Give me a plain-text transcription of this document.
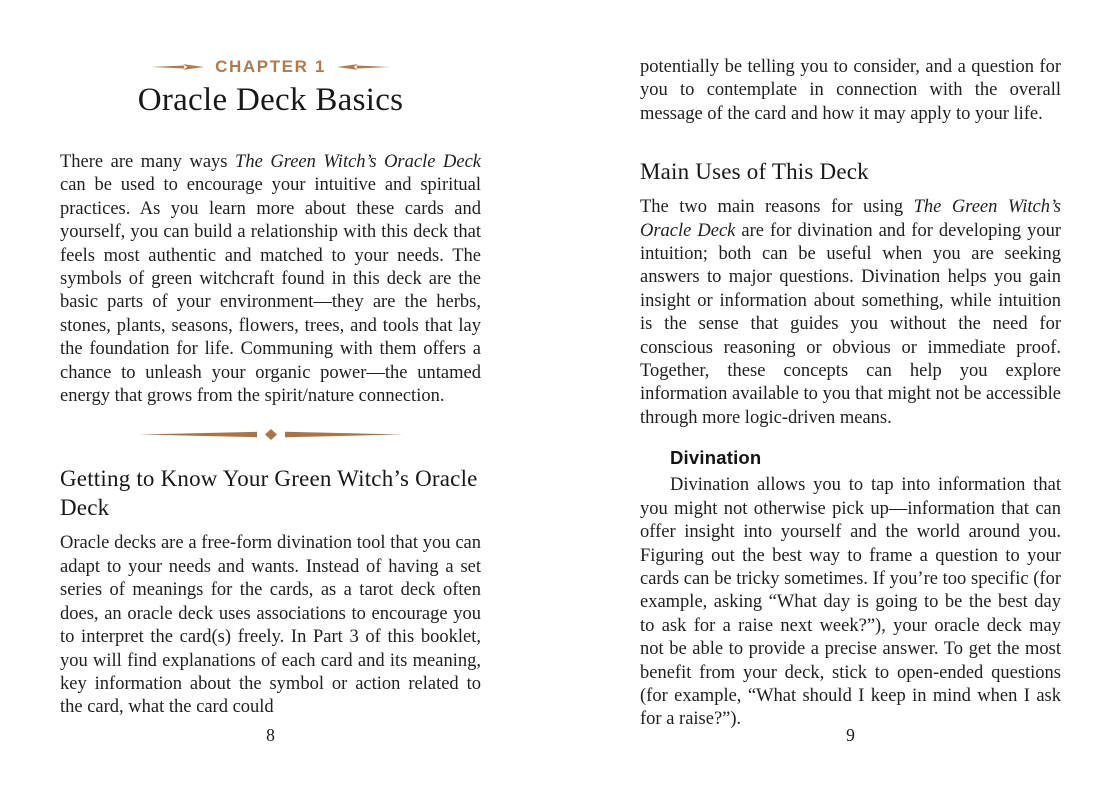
CHAPTER 1
Oracle Deck Basics

There are many ways The Green Witch’s Oracle Deck can be used to encourage your intuitive and spiritual practices. As you learn more about these cards and yourself, you can build a relationship with this deck that feels most authentic and matched to your needs. The symbols of green witchcraft found in this deck are the basic parts of your environment—they are the herbs, stones, plants, seasons, flowers, trees, and tools that lay the foundation for life. Communing with them offers a chance to unleash your organic power—the untamed energy that grows from the spirit/nature connection.

Getting to Know Your Green Witch’s Oracle Deck

Oracle decks are a free-form divination tool that you can adapt to your needs and wants. Instead of having a set series of meanings for the cards, as a tarot deck often does, an oracle deck uses associations to encourage you to interpret the card(s) freely. In Part 3 of this booklet, you will find explanations of each card and its meaning, key information about the symbol or action related to the card, what the card could

8

potentially be telling you to consider, and a question for you to contemplate in connection with the overall message of the card and how it may apply to your life.

Main Uses of This Deck

The two main reasons for using The Green Witch’s Oracle Deck are for divination and for developing your intuition; both can be useful when you are seeking answers to major questions. Divination helps you gain insight or information about something, while intuition is the sense that guides you without the need for conscious reasoning or obvious or immediate proof. Together, these concepts can help you explore information available to you that might not be accessible through more logic-driven means.

Divination

Divination allows you to tap into information that you might not otherwise pick up—information that can offer insight into yourself and the world around you. Figuring out the best way to frame a question to your cards can be tricky sometimes. If you’re too specific (for example, asking “What day is going to be the best day to ask for a raise next week?”), your oracle deck may not be able to provide a precise answer. To get the most benefit from your deck, stick to open-ended questions (for example, “What should I keep in mind when I ask for a raise?”).

9
